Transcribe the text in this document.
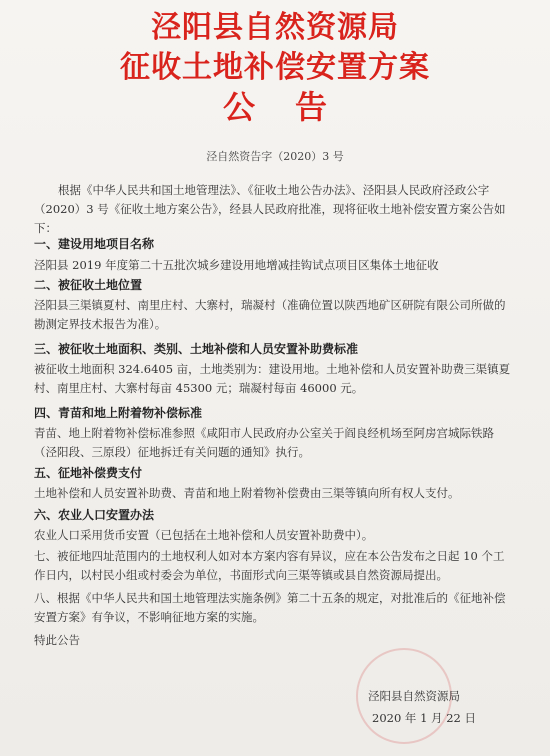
泾阳县自然资源局
征收土地补偿安置方案
公告
泾自然资告字（2020）3 号
根据《中华人民共和国土地管理法》、《征收土地公告办法》、泾阳县人民政府泾政公字（2020）3 号《征收土地方案公告》，经县人民政府批准，现将征收土地补偿安置方案公告如下：
一、建设用地项目名称
泾阳县 2019 年度第二十五批次城乡建设用地增减挂钩试点项目区集体土地征收
二、被征收土地位置
泾阳县三渠镇夏村、南里庄村、大寨村，瑞凝村（准确位置以陕西地矿区研院有限公司所做的勘测定界技术报告为准）。
三、被征收土地面积、类别、土地补偿和人员安置补助费标准
被征收土地面积 324.6405 亩，土地类别为：建设用地。土地补偿和人员安置补助费三渠镇夏村、南里庄村、大寨村每亩 45300 元；瑞凝村每亩 46000 元。
四、青苗和地上附着物补偿标准
青苗、地上附着物补偿标准参照《咸阳市人民政府办公室关于阎良经机场至阿房宫城际铁路（泾阳段、三原段）征地拆迁有关问题的通知》执行。
五、征地补偿费支付
土地补偿和人员安置补助费、青苗和地上附着物补偿费由三渠等镇向所有权人支付。
六、农业人口安置办法
农业人口采用货币安置（已包括在土地补偿和人员安置补助费中）。
七、被征地四址范围内的土地权利人如对本方案内容有异议，应在本公告发布之日起 10 个工作日内，以村民小组或村委会为单位，书面形式向三渠等镇或县自然资源局提出。
八、根据《中华人民共和国土地管理法实施条例》第二十五条的规定，对批准后的《征地补偿安置方案》有争议，不影响征地方案的实施。
特此公告
泾阳县自然资源局
2020 年 1 月 22 日
